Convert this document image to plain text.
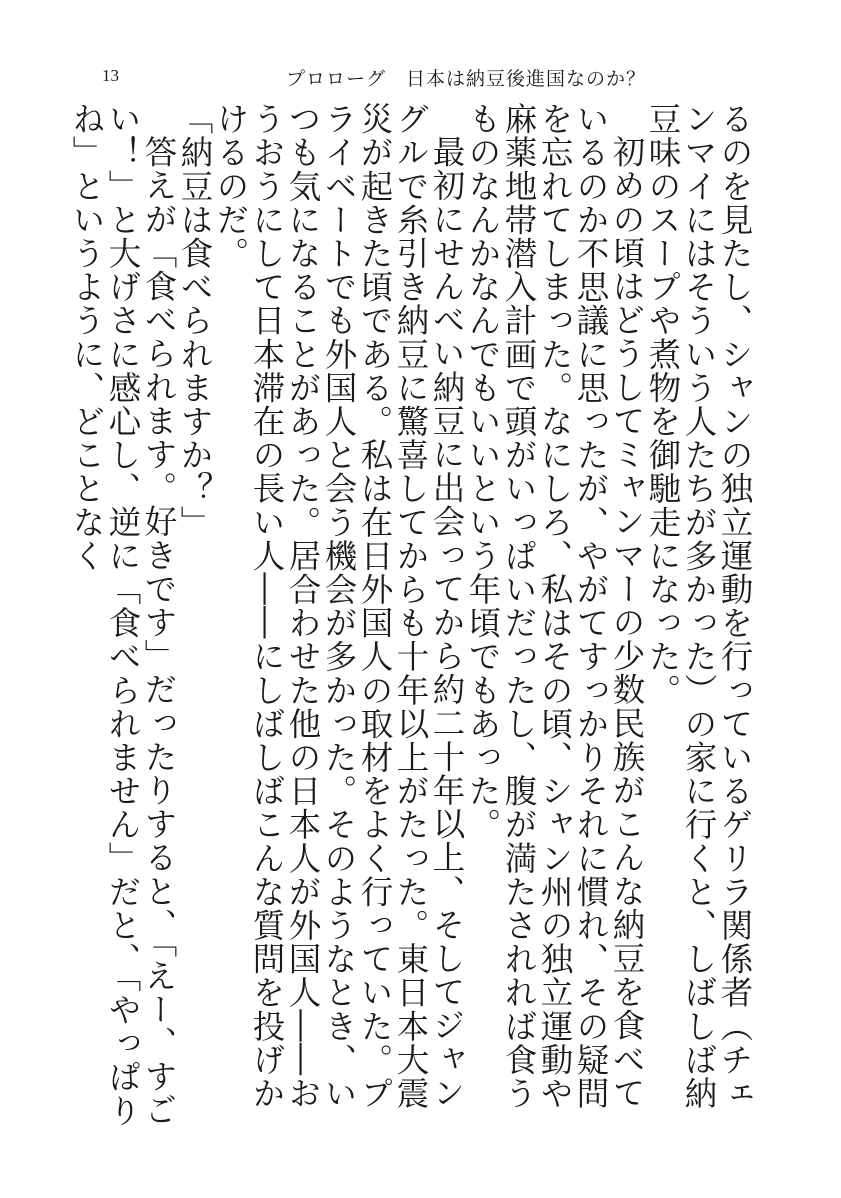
13	プロローグ 日本は納豆後進国なのか？

るのを見たし、シャンの独立運動を行っているゲリラ関係者（チェンマイにはそういう人たちが多かった）の家に行くと、しばしば納豆味のスープや煮物を御馳走になった。

初めの頃はどうしてミャンマーの少数民族がこんな納豆を食べているのか不思議に思ったが、やがてすっかりそれに慣れ、その疑問を忘れてしまった。なにしろ、私はその頃、シャン州の独立運動や麻薬地帯潜入計画で頭がいっぱいだったし、腹が満たされれば食うものなんかなんでもいいという年頃でもあった。

最初にせんべい納豆に出会ってから約二十年以上、そしてジャングルで糸引き納豆に驚喜してからも十年以上がたった。東日本大震災が起きた頃である。私は在日外国人の取材をよく行っていた。プライベートでも外国人と会う機会が多かった。そのようなとき、いつも気になることがあった。居合わせた他の日本人が外国人――おうおうにして日本滞在の長い人――にしばしばこんな質問を投げかけるのだ。

「納豆は食べられますか？」

答えが「食べられます。好きです」だったりすると、「えー、すごい！」と大げさに感心し、逆に「食べられません」だと、「やっぱりね」というように、どことなく
